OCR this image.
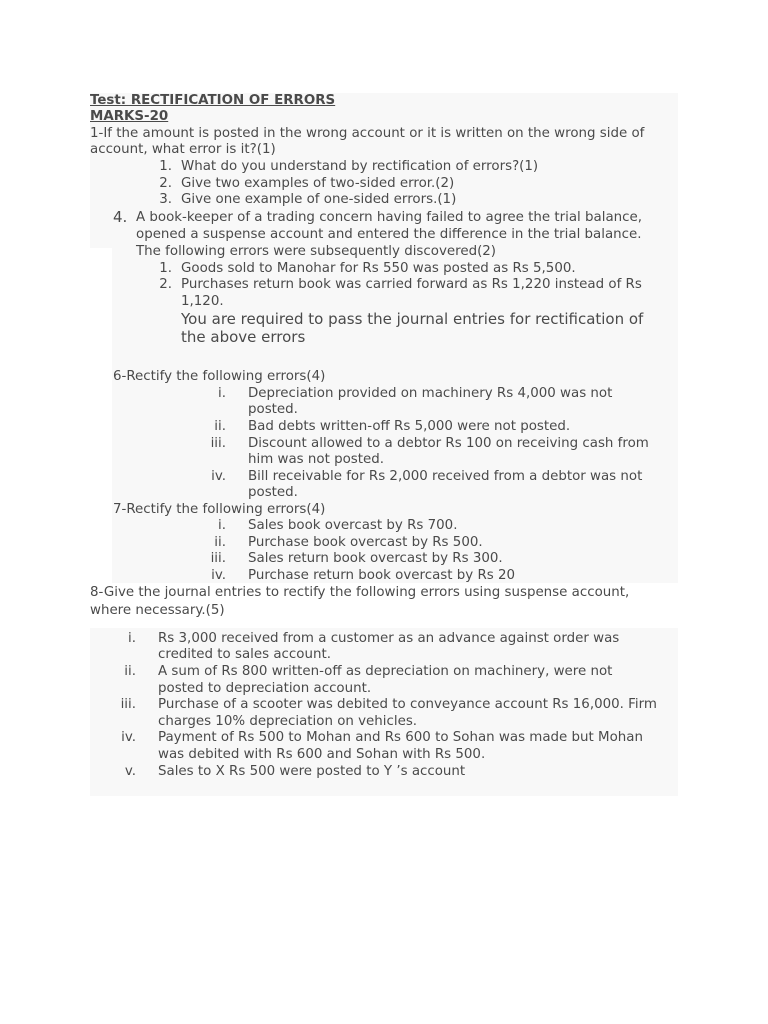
Test: RECTIFICATION OF ERRORS
MARKS-20
1-If the amount is posted in the wrong account or it is written on the wrong side of
account, what error is it?(1)
1. What do you understand by rectification of errors?(1)
2. Give two examples of two-sided error.(2)
3. Give one example of one-sided errors.(1)
4. A book-keeper of a trading concern having failed to agree the trial balance,
opened a suspense account and entered the difference in the trial balance.
The following errors were subsequently discovered(2)
1. Goods sold to Manohar for Rs 550 was posted as Rs 5,500.
2. Purchases return book was carried forward as Rs 1,220 instead of Rs
1,120.
You are required to pass the journal entries for rectification of
the above errors
6-Rectify the following errors(4)
i. Depreciation provided on machinery Rs 4,000 was not
posted.
ii. Bad debts written-off Rs 5,000 were not posted.
iii. Discount allowed to a debtor Rs 100 on receiving cash from
him was not posted.
iv. Bill receivable for Rs 2,000 received from a debtor was not
posted.
7-Rectify the following errors(4)
i. Sales book overcast by Rs 700.
ii. Purchase book overcast by Rs 500.
iii. Sales return book overcast by Rs 300.
iv. Purchase return book overcast by Rs 20
8-Give the journal entries to rectify the following errors using suspense account,
where necessary.(5)
i. Rs 3,000 received from a customer as an advance against order was
credited to sales account.
ii. A sum of Rs 800 written-off as depreciation on machinery, were not
posted to depreciation account.
iii. Purchase of a scooter was debited to conveyance account Rs 16,000. Firm
charges 10% depreciation on vehicles.
iv. Payment of Rs 500 to Mohan and Rs 600 to Sohan was made but Mohan
was debited with Rs 600 and Sohan with Rs 500.
v. Sales to X Rs 500 were posted to Y ’s account
